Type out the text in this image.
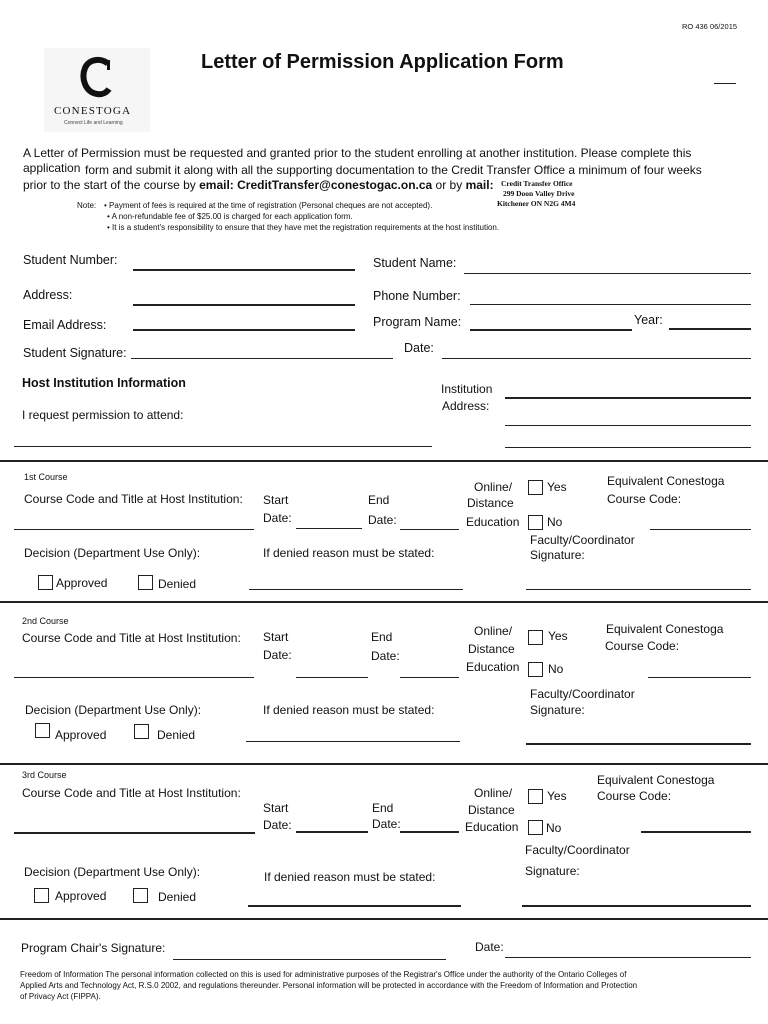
RO 436 06/2015
CONESTOGA
Connect Life and Learning
Letter of Permission Application Form
A Letter of Permission must be requested and granted prior to the student enrolling at another institution. Please complete this
application form and submit it along with all the supporting documentation to the Credit Transfer Office a minimum of four weeks
prior to the start of the course by email: CreditTransfer@conestogac.on.ca or by mail: Credit Transfer Office
299 Doon Valley Drive
Kitchener ON N2G 4M4
Note: • Payment of fees is required at the time of registration (Personal cheques are not accepted).
• A non-refundable fee of $25.00 is charged for each application form.
• It is a student's responsibility to ensure that they have met the registration requirements at the host institution.
Student Number:	Student Name:
Address:	Phone Number:
Email Address:	Program Name:	Year:
Student Signature:	Date:
Host Institution Information
I request permission to attend:
Institution
Address:
1st Course
Course Code and Title at Host Institution: Start
Date:
End
Date:
Online/
Distance
Education
Yes
No
Equivalent Conestoga
Course Code:
Decision (Department Use Only):
Approved	Denied
If denied reason must be stated:
Faculty/Coordinator
Signature:
2nd Course
Course Code and Title at Host Institution: Start
Date:
End
Date:
Online/
Distance
Education
Yes
No
Equivalent Conestoga
Course Code:
Decision (Department Use Only):
Approved	Denied
If denied reason must be stated:
Faculty/Coordinator
Signature:
3rd Course
Course Code and Title at Host Institution:
Start
Date:
End
Date:
Online/
Distance
Education
Yes
No
Equivalent Conestoga
Course Code:
Decision (Department Use Only):
Approved	Denied
If denied reason must be stated:
Faculty/Coordinator
Signature:
Program Chair's Signature:	Date:
Freedom of Information The personal information collected on this is used for administrative purposes of the Registrar's Office under the authority of the Ontario Colleges of
Applied Arts and Technology Act, R.S.0 2002, and regulations thereunder. Personal information will be protected in accordance with the Freedom of Information and Protection
of Privacy Act (FIPPA).
